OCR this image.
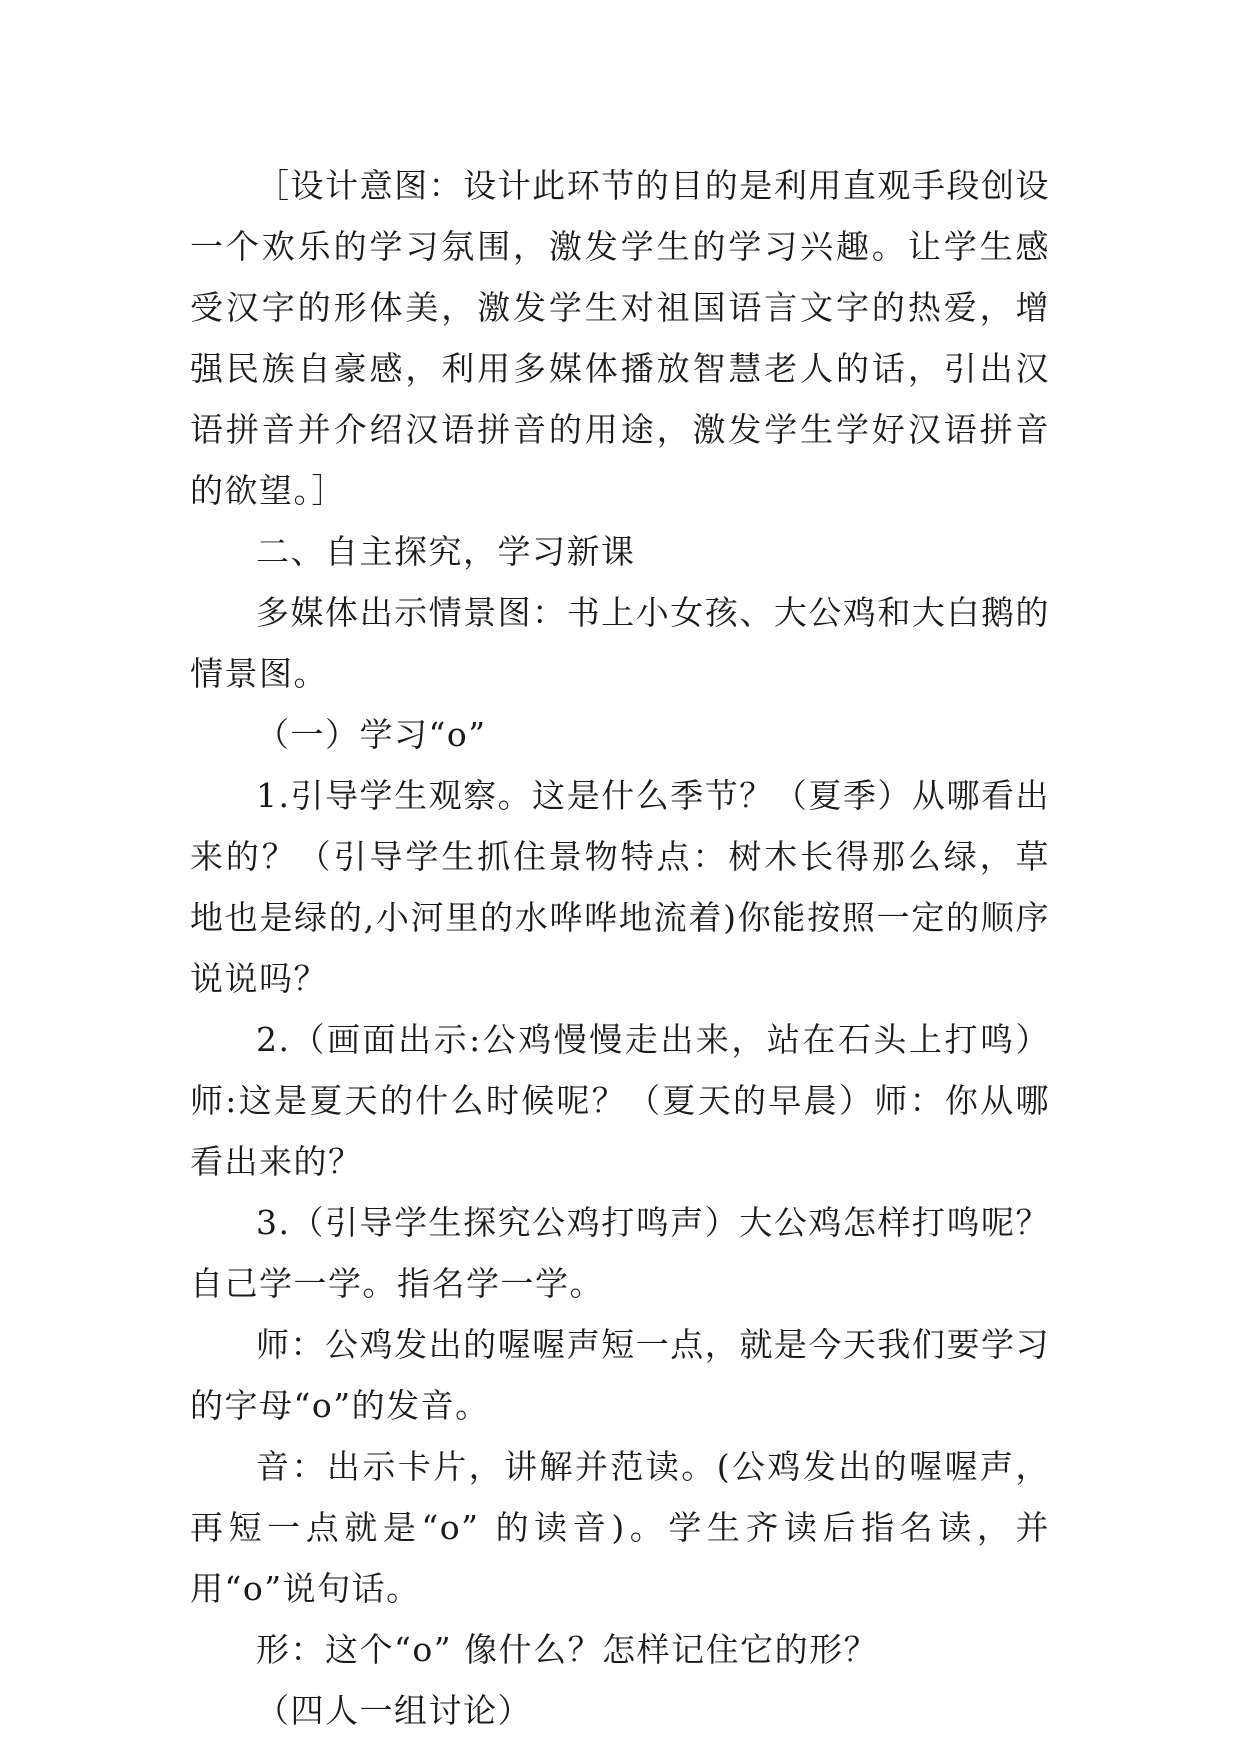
［设计意图：设计此环节的目的是利用直观手段创设一个欢乐的学习氛围，激发学生的学习兴趣。让学生感受汉字的形体美，激发学生对祖国语言文字的热爱，增强民族自豪感，利用多媒体播放智慧老人的话，引出汉语拼音并介绍汉语拼音的用途，激发学生学好汉语拼音的欲望。］

二、自主探究，学习新课

多媒体出示情景图：书上小女孩、大公鸡和大白鹅的情景图。

（一）学习“o”

1.引导学生观察。这是什么季节？（夏季）从哪看出来的？（引导学生抓住景物特点：树木长得那么绿，草地也是绿的,小河里的水哗哗地流着)你能按照一定的顺序说说吗？

2.（画面出示:公鸡慢慢走出来，站在石头上打鸣）师:这是夏天的什么时候呢？（夏天的早晨）师：你从哪看出来的？

3.（引导学生探究公鸡打鸣声）大公鸡怎样打鸣呢？自己学一学。指名学一学。

师：公鸡发出的喔喔声短一点，就是今天我们要学习的字母“o”的发音。

音：出示卡片，讲解并范读。(公鸡发出的喔喔声，再短一点就是“o” 的读音)。学生齐读后指名读，并用“o”说句话。

形：这个“o” 像什么？怎样记住它的形？

（四人一组讨论）
